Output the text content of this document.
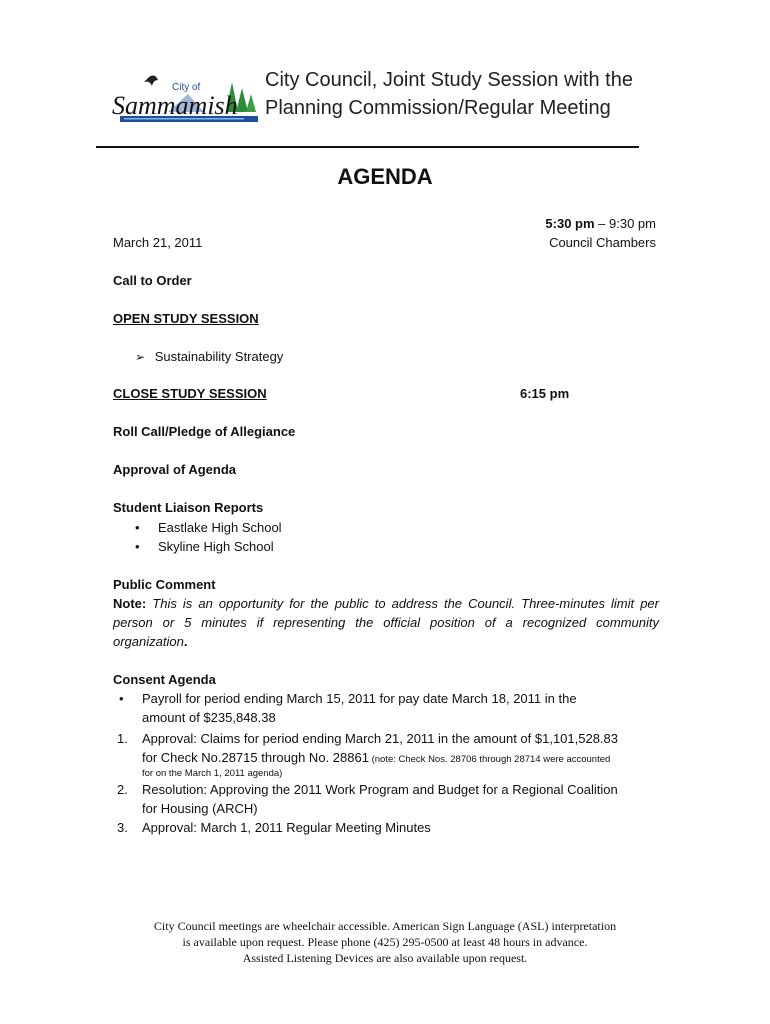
City of
Sammamish
City Council, Joint Study Session with the
Planning Commission/Regular Meeting
AGENDA
5:30 pm – 9:30 pm
Council Chambers
March 21, 2011
Call to Order
OPEN STUDY SESSION
➢ Sustainability Strategy
CLOSE STUDY SESSION	6:15 pm
Roll Call/Pledge of Allegiance
Approval of Agenda
Student Liaison Reports
• Eastlake High School
• Skyline High School
Public Comment
Note: This is an opportunity for the public to address the Council. Three-minutes limit per person or 5 minutes if representing the official position of a recognized community organization.
Consent Agenda
• Payroll for period ending March 15, 2011 for pay date March 18, 2011 in the
amount of $235,848.38
1. Approval: Claims for period ending March 21, 2011 in the amount of $1,101,528.83
for Check No.28715 through No. 28861 (note: Check Nos. 28706 through 28714 were accounted
for on the March 1, 2011 agenda)
2. Resolution: Approving the 2011 Work Program and Budget for a Regional Coalition
for Housing (ARCH)
3. Approval: March 1, 2011 Regular Meeting Minutes
City Council meetings are wheelchair accessible. American Sign Language (ASL) interpretation
is available upon request. Please phone (425) 295-0500 at least 48 hours in advance.
Assisted Listening Devices are also available upon request.
